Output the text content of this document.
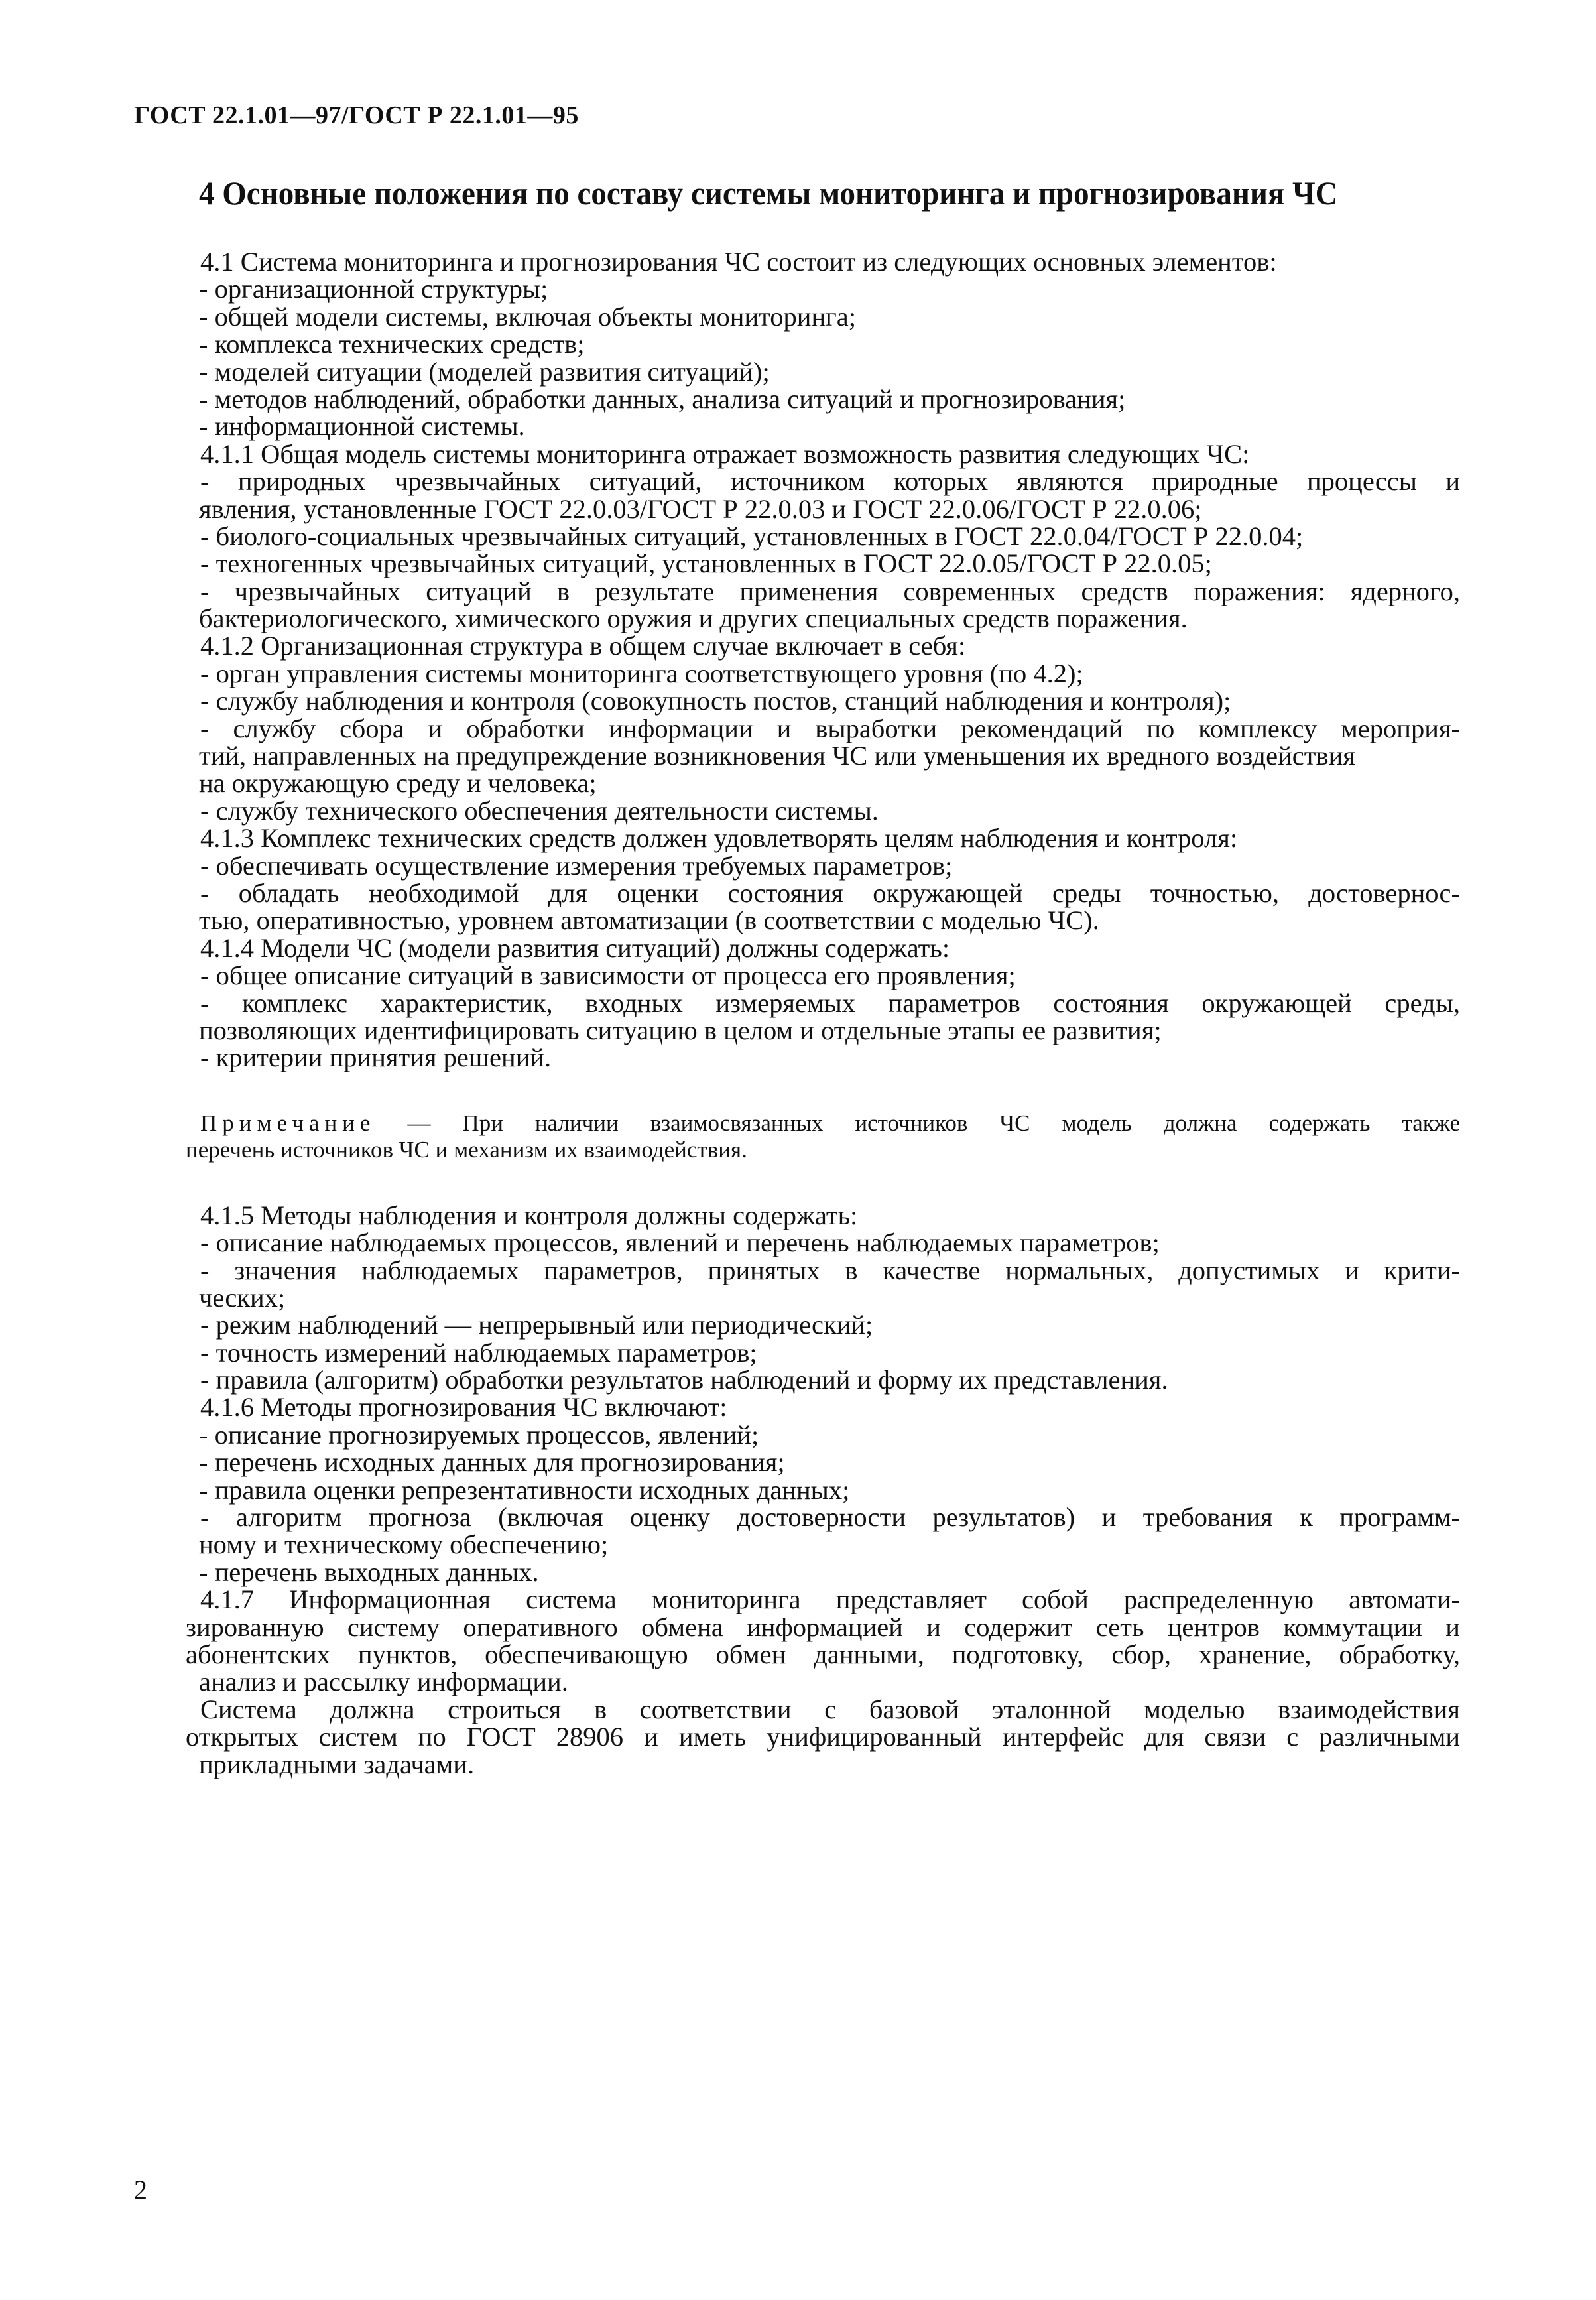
ГОСТ 22.1.01—97/ГОСТ Р 22.1.01—95
4 Основные положения по составу системы мониторинга и прогнозирования ЧС
4.1 Система мониторинга и прогнозирования ЧС состоит из следующих основных элементов:
- организационной структуры;
- общей модели системы, включая объекты мониторинга;
- комплекса технических средств;
- моделей ситуации (моделей развития ситуаций);
- методов наблюдений, обработки данных, анализа ситуаций и прогнозирования;
- информационной системы.
4.1.1 Общая модель системы мониторинга отражает возможность развития следующих ЧС:
- природных чрезвычайных ситуаций, источником которых являются природные процессы и
явления, установленные ГОСТ 22.0.03/ГОСТ Р 22.0.03 и ГОСТ 22.0.06/ГОСТ Р 22.0.06;
- биолого-социальных чрезвычайных ситуаций, установленных в ГОСТ 22.0.04/ГОСТ Р 22.0.04;
- техногенных чрезвычайных ситуаций, установленных в ГОСТ 22.0.05/ГОСТ Р 22.0.05;
- чрезвычайных ситуаций в результате применения современных средств поражения: ядерного,
бактериологического, химического оружия и других специальных средств поражения.
4.1.2 Организационная структура в общем случае включает в себя:
- орган управления системы мониторинга соответствующего уровня (по 4.2);
- службу наблюдения и контроля (совокупность постов, станций наблюдения и контроля);
- службу сбора и обработки информации и выработки рекомендаций по комплексу мероприя-
тий, направленных на предупреждение возникновения ЧС или уменьшения их вредного воздействия
на окружающую среду и человека;
- службу технического обеспечения деятельности системы.
4.1.3 Комплекс технических средств должен удовлетворять целям наблюдения и контроля:
- обеспечивать осуществление измерения требуемых параметров;
- обладать необходимой для оценки состояния окружающей среды точностью, достовернос-
тью, оперативностью, уровнем автоматизации (в соответствии с моделью ЧС).
4.1.4 Модели ЧС (модели развития ситуаций) должны содержать:
- общее описание ситуаций в зависимости от процесса его проявления;
- комплекс характеристик, входных измеряемых параметров состояния окружающей среды,
позволяющих идентифицировать ситуацию в целом и отдельные этапы ее развития;
- критерии принятия решений.
Примечание — При наличии взаимосвязанных источников ЧС модель должна содержать также
перечень источников ЧС и механизм их взаимодействия.
4.1.5 Методы наблюдения и контроля должны содержать:
- описание наблюдаемых процессов, явлений и перечень наблюдаемых параметров;
- значения наблюдаемых параметров, принятых в качестве нормальных, допустимых и крити-
ческих;
- режим наблюдений — непрерывный или периодический;
- точность измерений наблюдаемых параметров;
- правила (алгоритм) обработки результатов наблюдений и форму их представления.
4.1.6 Методы прогнозирования ЧС включают:
- описание прогнозируемых процессов, явлений;
- перечень исходных данных для прогнозирования;
- правила оценки репрезентативности исходных данных;
- алгоритм прогноза (включая оценку достоверности результатов) и требования к программ-
ному и техническому обеспечению;
- перечень выходных данных.
4.1.7 Информационная система мониторинга представляет собой распределенную автомати-
зированную систему оперативного обмена информацией и содержит сеть центров коммутации и
абонентских пунктов, обеспечивающую обмен данными, подготовку, сбор, хранение, обработку,
анализ и рассылку информации.
Система должна строиться в соответствии с базовой эталонной моделью взаимодействия
открытых систем по ГОСТ 28906 и иметь унифицированный интерфейс для связи с различными
прикладными задачами.
2
